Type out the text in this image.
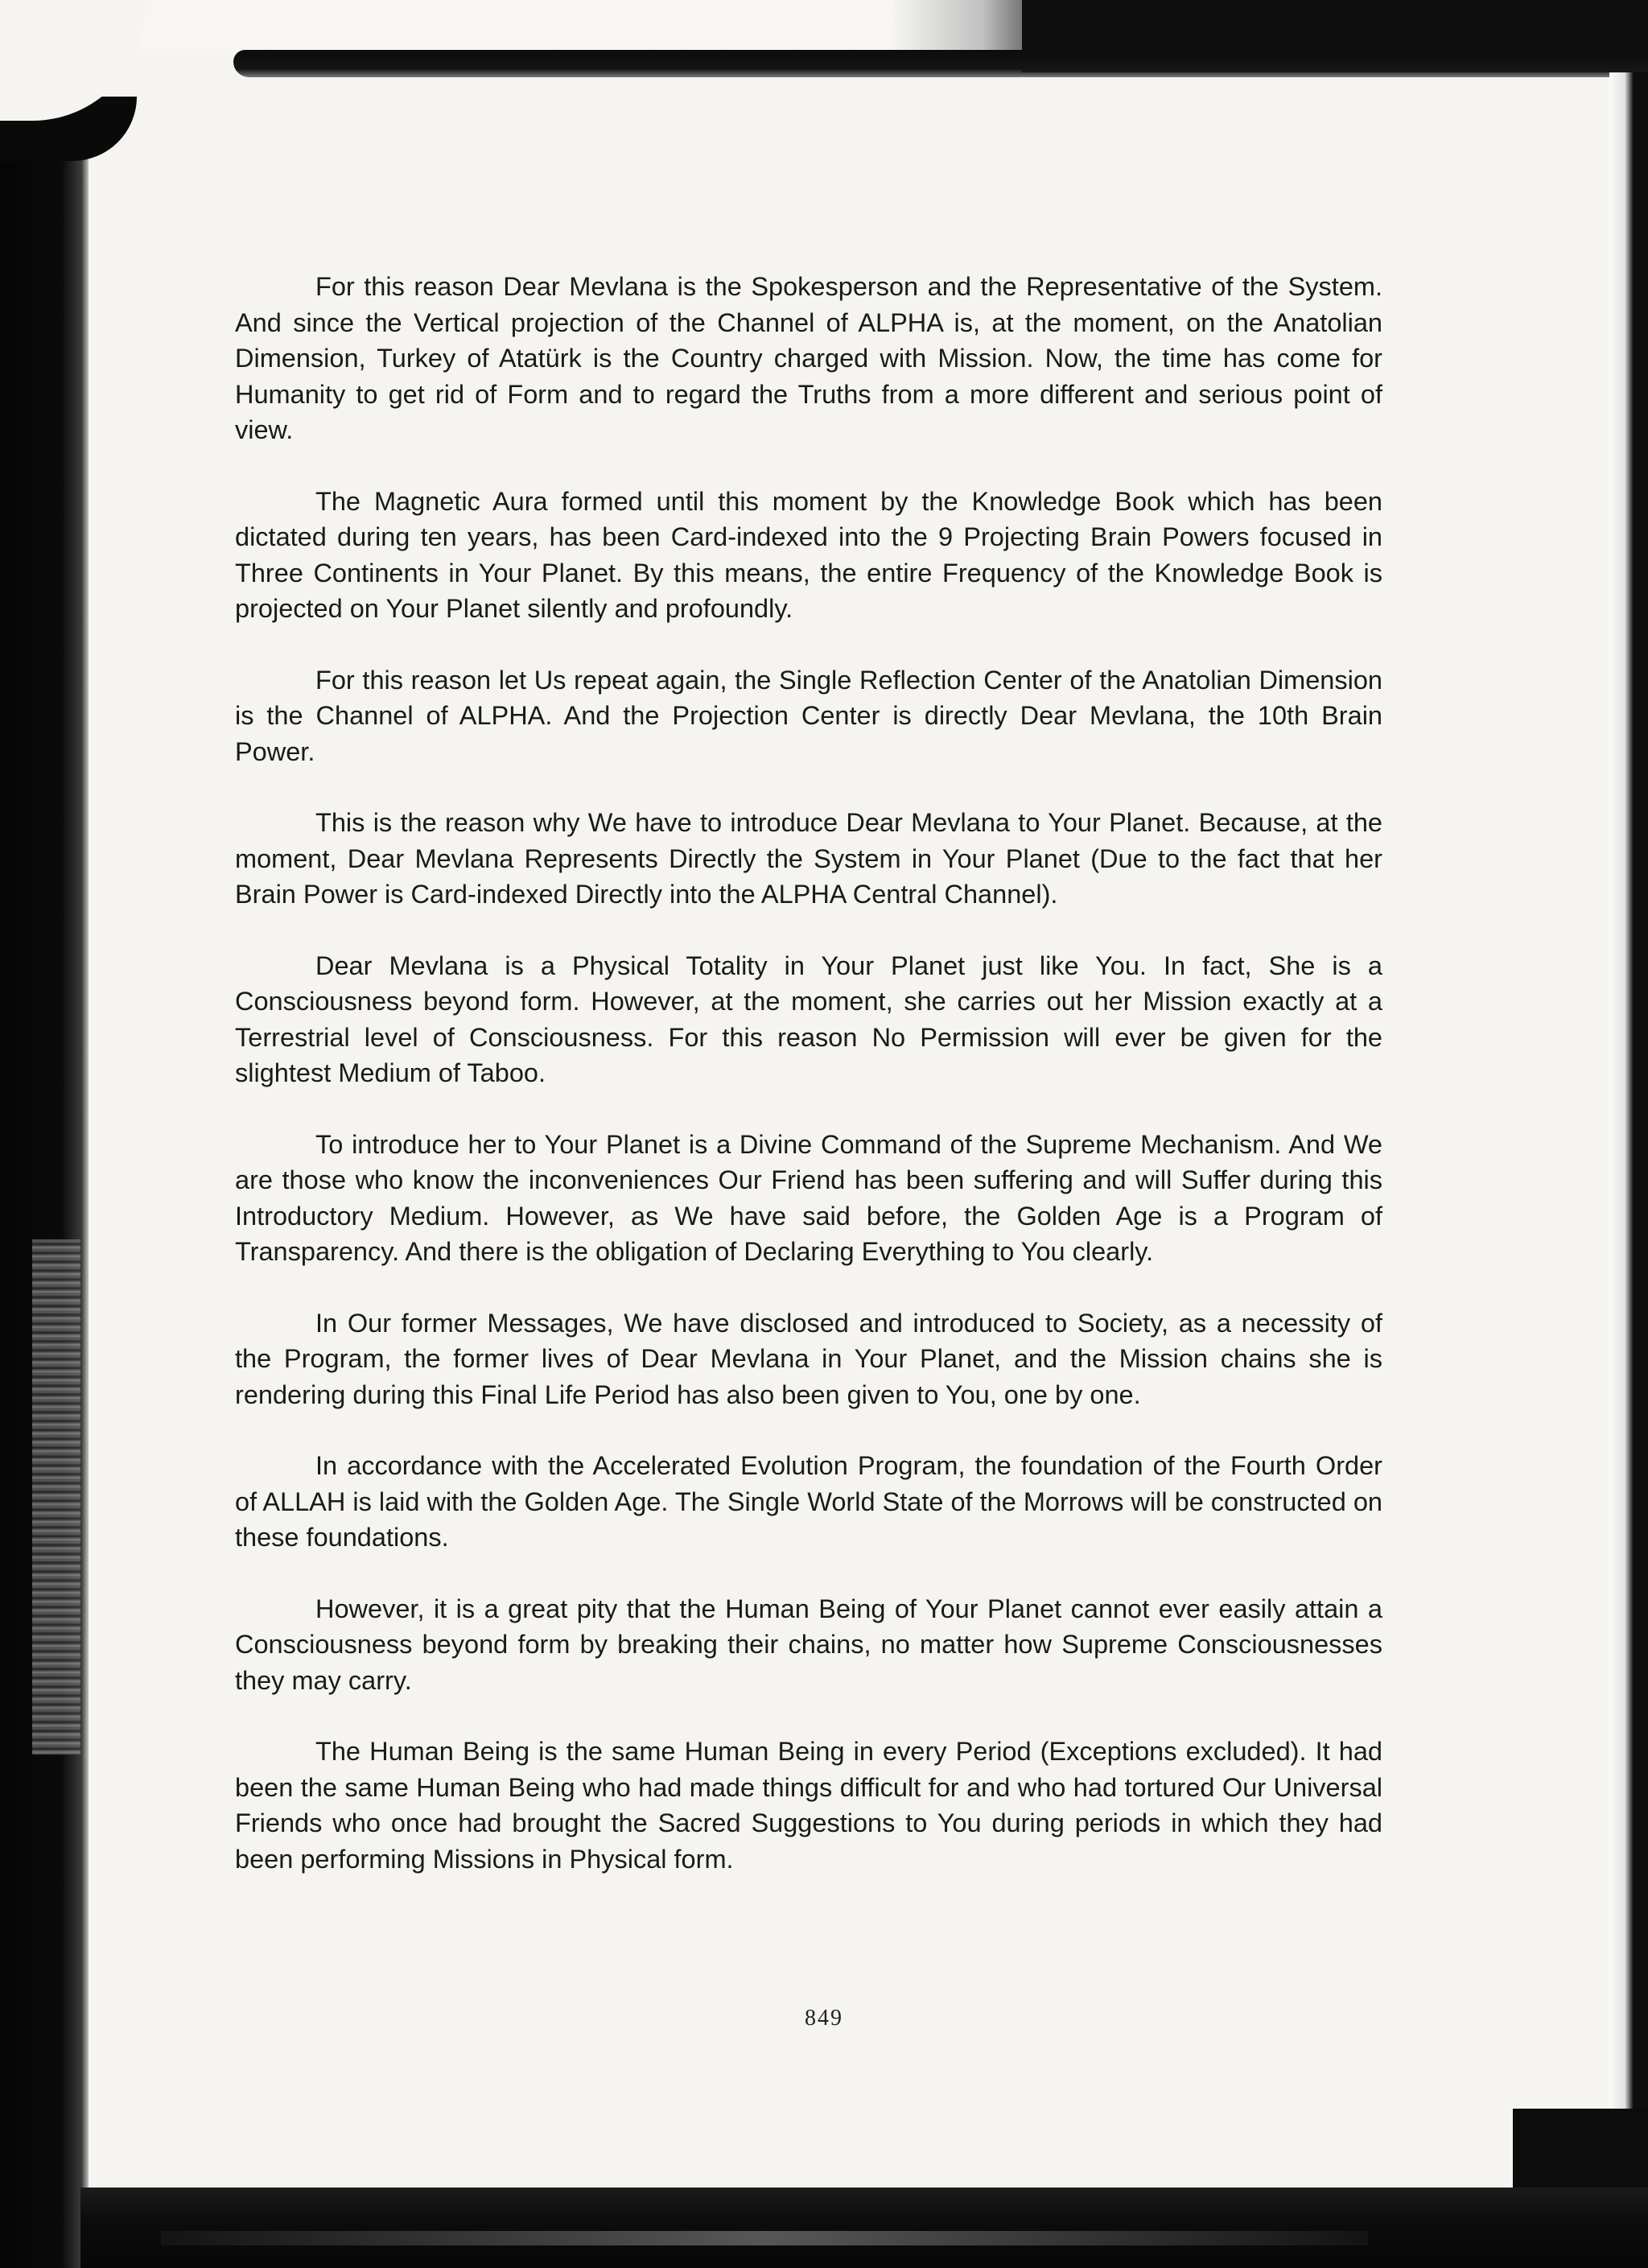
For this reason Dear Mevlana is the Spokesperson and the Representative of the System. And since the Vertical projection of the Channel of ALPHA is, at the moment, on the Anatolian Dimension, Turkey of Atatürk is the Country charged with Mission. Now, the time has come for Humanity to get rid of Form and to regard the Truths from a more different and serious point of view.

The Magnetic Aura formed until this moment by the Knowledge Book which has been dictated during ten years, has been Card-indexed into the 9 Projecting Brain Powers focused in Three Continents in Your Planet. By this means, the entire Frequency of the Knowledge Book is projected on Your Planet silently and profoundly.

For this reason let Us repeat again, the Single Reflection Center of the Anatolian Dimension is the Channel of ALPHA. And the Projection Center is directly Dear Mevlana, the 10th Brain Power.

This is the reason why We have to introduce Dear Mevlana to Your Planet. Because, at the moment, Dear Mevlana Represents Directly the System in Your Planet (Due to the fact that her Brain Power is Card-indexed Directly into the ALPHA Central Channel).

Dear Mevlana is a Physical Totality in Your Planet just like You. In fact, She is a Consciousness beyond form. However, at the moment, she carries out her Mission exactly at a Terrestrial level of Consciousness. For this reason No Permission will ever be given for the slightest Medium of Taboo.

To introduce her to Your Planet is a Divine Command of the Supreme Mechanism. And We are those who know the inconveniences Our Friend has been suffering and will Suffer during this Introductory Medium. However, as We have said before, the Golden Age is a Program of Transparency. And there is the obligation of Declaring Everything to You clearly.

In Our former Messages, We have disclosed and introduced to Society, as a necessity of the Program, the former lives of Dear Mevlana in Your Planet, and the Mission chains she is rendering during this Final Life Period has also been given to You, one by one.

In accordance with the Accelerated Evolution Program, the foundation of the Fourth Order of ALLAH is laid with the Golden Age. The Single World State of the Morrows will be constructed on these foundations.

However, it is a great pity that the Human Being of Your Planet cannot ever easily attain a Consciousness beyond form by breaking their chains, no matter how Supreme Consciousnesses they may carry.

The Human Being is the same Human Being in every Period (Exceptions excluded). It had been the same Human Being who had made things difficult for and who had tortured Our Universal Friends who once had brought the Sacred Suggestions to You during periods in which they had been performing Missions in Physical form.

849
